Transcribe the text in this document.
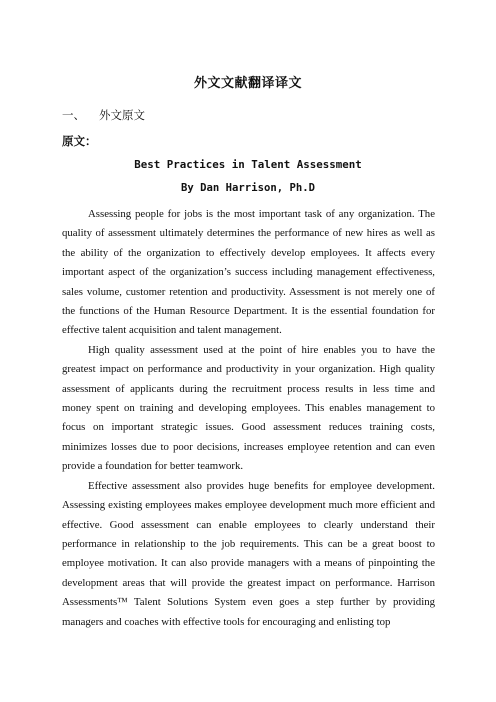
外文文献翻译译文
一、 外文原文
原文：
Best Practices in Talent Assessment
By Dan Harrison, Ph.D

Assessing people for jobs is the most important task of any organization. The quality of assessment ultimately determines the performance of new hires as well as the ability of the organization to effectively develop employees. It affects every important aspect of the organization’s success including management effectiveness, sales volume, customer retention and productivity. Assessment is not merely one of the functions of the Human Resource Department. It is the essential foundation for effective talent acquisition and talent management.

High quality assessment used at the point of hire enables you to have the greatest impact on performance and productivity in your organization. High quality assessment of applicants during the recruitment process results in less time and money spent on training and developing employees. This enables management to focus on important strategic issues. Good assessment reduces training costs, minimizes losses due to poor decisions, increases employee retention and can even provide a foundation for better teamwork.

Effective assessment also provides huge benefits for employee development. Assessing existing employees makes employee development much more efficient and effective. Good assessment can enable employees to clearly understand their performance in relationship to the job requirements. This can be a great boost to employee motivation. It can also provide managers with a means of pinpointing the development areas that will provide the greatest impact on performance. Harrison Assessments™ Talent Solutions System even goes a step further by providing managers and coaches with effective tools for encouraging and enlisting top
